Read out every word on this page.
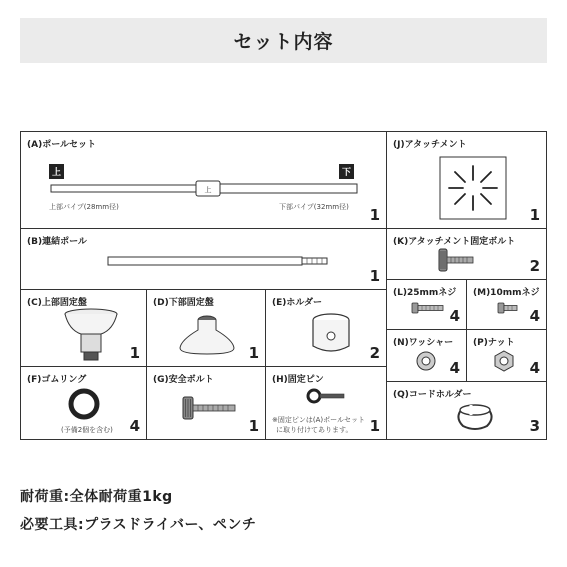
セット内容
(A)ポールセット
上	下
上
上部パイプ(28mm径)	下部パイプ(32mm径) 1
(J)アタッチメント
1
(B)連結ポール
1
(K)アタッチメント固定ボルト
2
(C)上部固定盤
1
(D)下部固定盤
1
(E)ホルダー
2
(L)25mmネジ
4
(M)10mmネジ
4
(N)ワッシャー
4
(P)ナット
4
(F)ゴムリング
(予備2個を含む) 4
(G)安全ボルト
1
(H)固定ピン
※固定ピンは(A)ポールセット
に取り付けてあります。 1
(Q)コードホルダー
3
耐荷重:全体耐荷重1kg
必要工具:プラスドライバー、ペンチ
